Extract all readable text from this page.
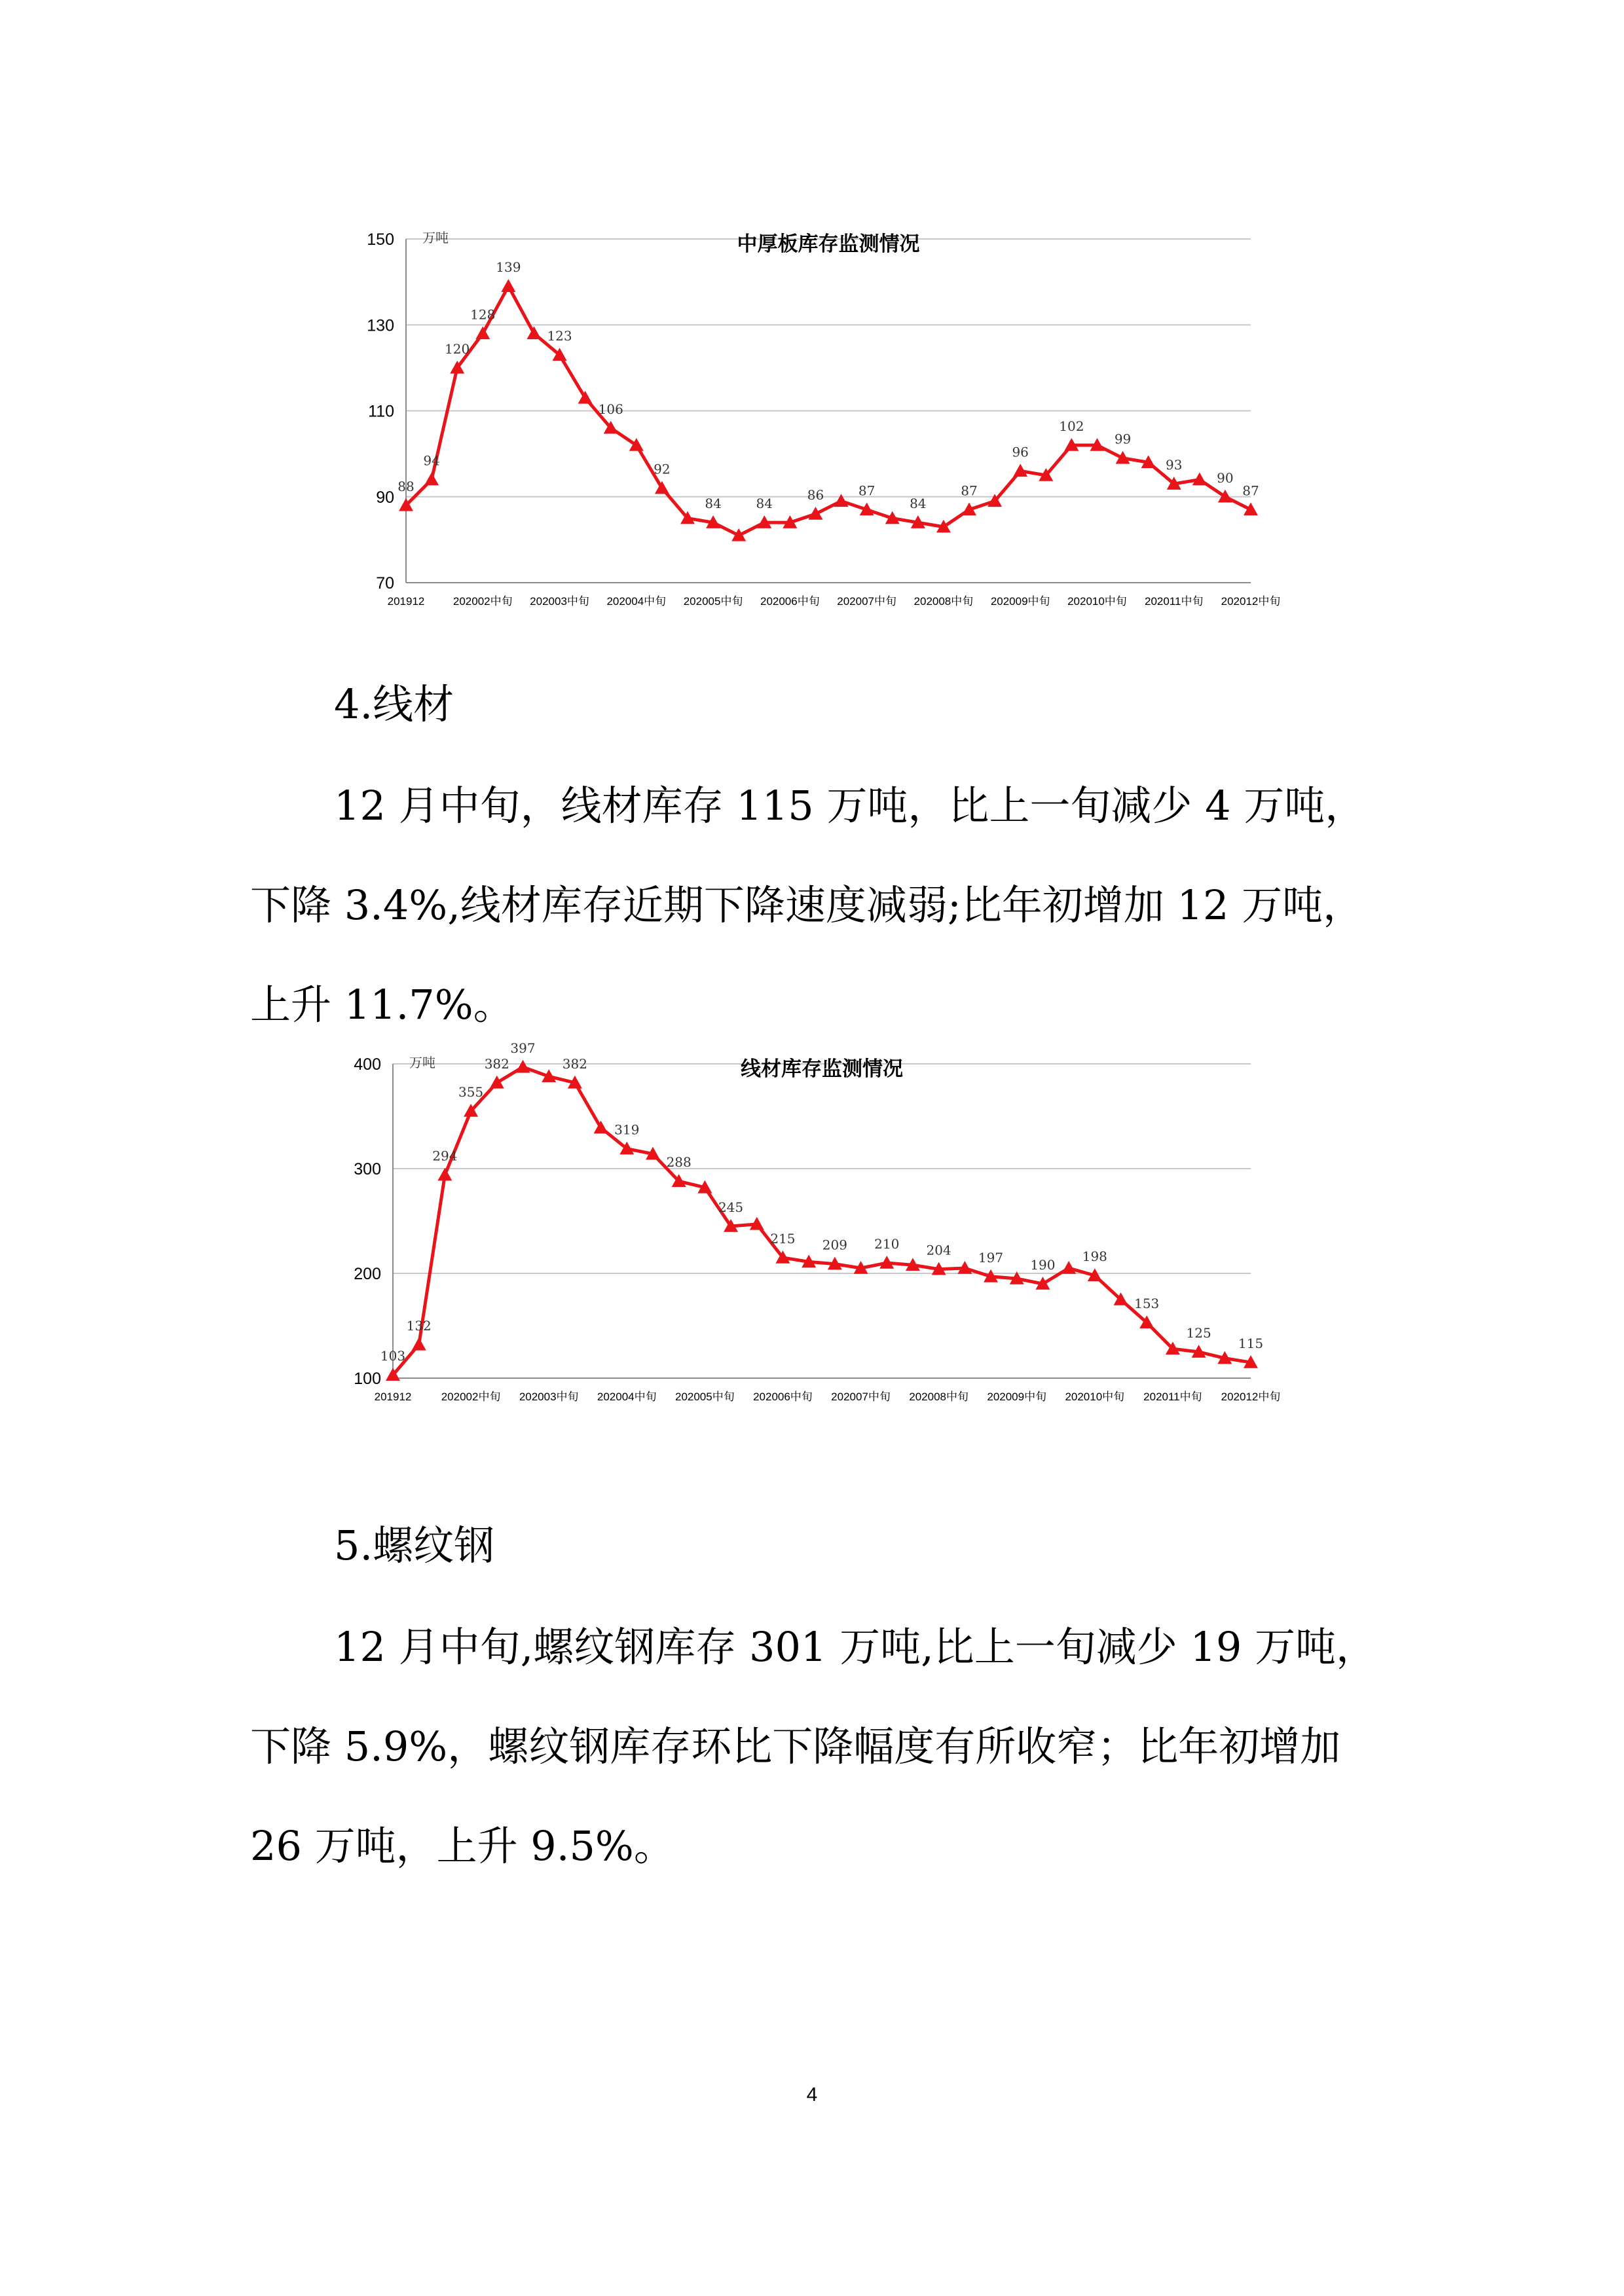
70
90
110
130
150 万吨	中厚板库存监测情况
201912	202002中旬 202003中旬 202004中旬 202005中旬 202006中旬 202007中旬 202008中旬 202009中旬 202010中旬 202011中旬 202012中旬
88
94
120
128
139
123
106
92
84	84
86	87
84
87
96
102
99
93
90
87
4.线材

12 月中旬，线材库存 115 万吨，比上一旬减少 4 万吨，下降 3.4%,线材库存近期下降速度减弱;比年初增加 12 万吨，上升 11.7%。

100
200
300
400 万吨	线材库存监测情况
201912	202002中旬 202003中旬 202004中旬 202005中旬 202006中旬 202007中旬 202008中旬 202009中旬 202010中旬 202011中旬 202012中旬
103
132
294
355
382
397
382
319
288
245
215 209 210 204 197 190
198
153
125
115
5.螺纹钢

12 月中旬,螺纹钢库存 301 万吨,比上一旬减少 19 万吨，下降 5.9%，螺纹钢库存环比下降幅度有所收窄；比年初增加 26 万吨，上升 9.5%。

4
